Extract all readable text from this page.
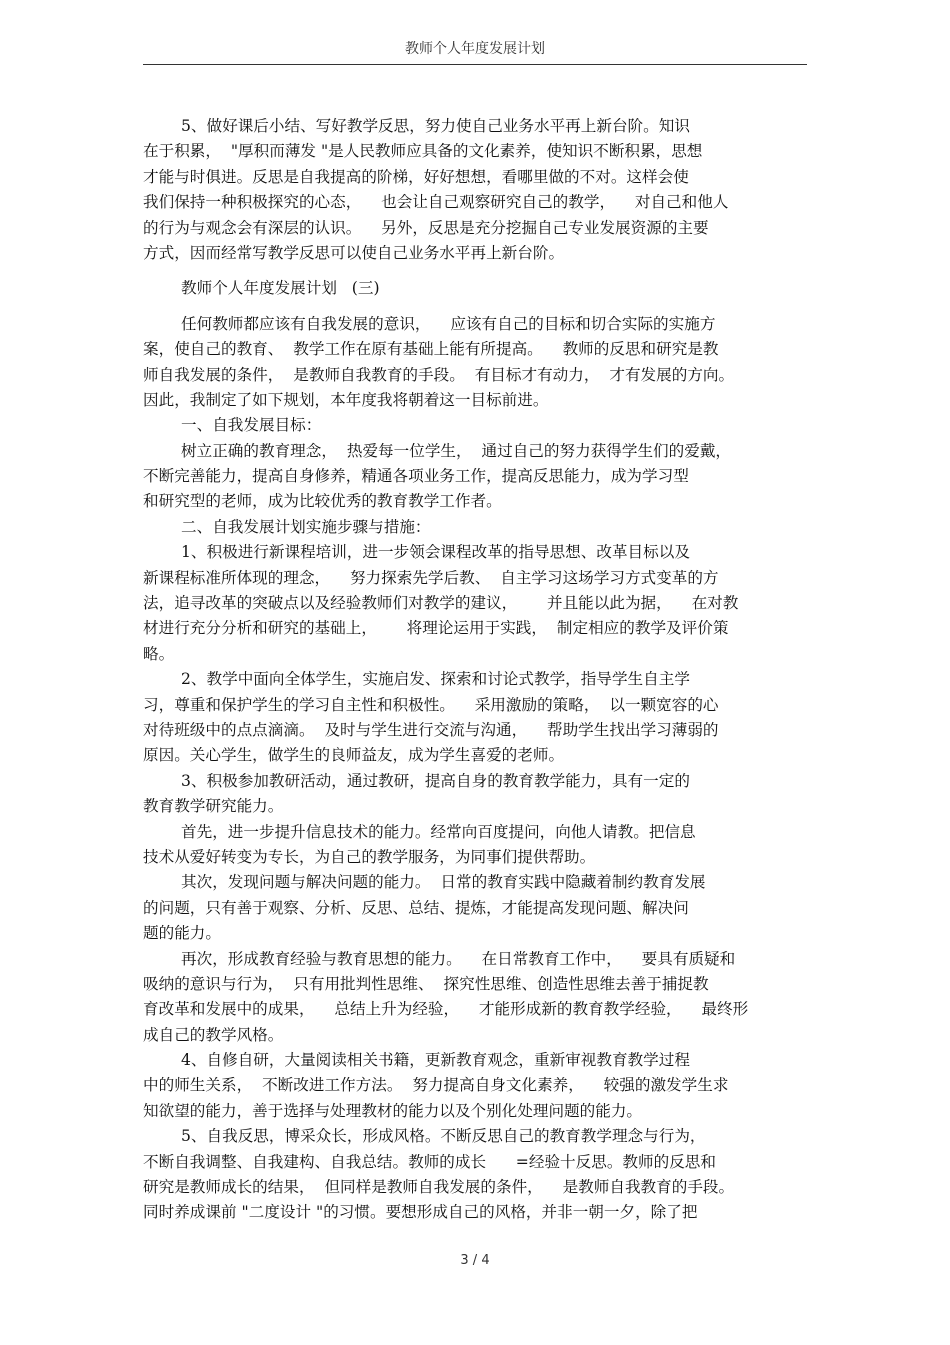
教师个人年度发展计划
5、做好课后小结、写好教学反思，努力使自己业务水平再上新台阶。知识
在于积累，  "厚积而薄发 "是人民教师应具备的文化素养，使知识不断积累，思想
才能与时俱进。反思是自我提高的阶梯，好好想想，看哪里做的不对。这样会使
我们保持一种积极探究的心态，    也会让自己观察研究自己的教学，    对自己和他人
的行为与观念会有深层的认识。    另外，反思是充分挖掘自己专业发展资源的主要
方式，因而经常写教学反思可以使自己业务水平再上新台阶。
教师个人年度发展计划   (三)
任何教师都应该有自我发展的意识，    应该有自己的目标和切合实际的实施方
案，使自己的教育、  教学工作在原有基础上能有所提高。    教师的反思和研究是教
师自我发展的条件，  是教师自我教育的手段。  有目标才有动力，  才有发展的方向。
因此，我制定了如下规划，本年度我将朝着这一目标前进。
一、自我发展目标：
树立正确的教育理念，  热爱每一位学生，  通过自己的努力获得学生们的爱戴，
不断完善能力，提高自身修养，精通各项业务工作，提高反思能力，成为学习型
和研究型的老师，成为比较优秀的教育教学工作者。
二、自我发展计划实施步骤与措施：
1、积极进行新课程培训，进一步领会课程改革的指导思想、改革目标以及
新课程标准所体现的理念，    努力探索先学后教、  自主学习这场学习方式变革的方
法，追寻改革的突破点以及经验教师们对教学的建议，      并且能以此为据，    在对教
材进行充分分析和研究的基础上，      将理论运用于实践，  制定相应的教学及评价策
略。
2、教学中面向全体学生，实施启发、探索和讨论式教学，指导学生自主学
习，尊重和保护学生的学习自主性和积极性。    采用激励的策略，  以一颗宽容的心
对待班级中的点点滴滴。  及时与学生进行交流与沟通，    帮助学生找出学习薄弱的
原因。关心学生，做学生的良师益友，成为学生喜爱的老师。
3、积极参加教研活动，通过教研，提高自身的教育教学能力，具有一定的
教育教学研究能力。
首先，进一步提升信息技术的能力。经常向百度提问，向他人请教。把信息
技术从爱好转变为专长，为自己的教学服务，为同事们提供帮助。
其次，发现问题与解决问题的能力。  日常的教育实践中隐藏着制约教育发展
的问题，只有善于观察、分析、反思、总结、提炼，才能提高发现问题、解决问
题的能力。
再次，形成教育经验与教育思想的能力。    在日常教育工作中，    要具有质疑和
吸纳的意识与行为，  只有用批判性思维、  探究性思维、创造性思维去善于捕捉教
育改革和发展中的成果，    总结上升为经验，    才能形成新的教育教学经验，    最终形
成自己的教学风格。
4、自修自研，大量阅读相关书籍，更新教育观念，重新审视教育教学过程
中的师生关系，  不断改进工作方法。  努力提高自身文化素养，    较强的激发学生求
知欲望的能力，善于选择与处理教材的能力以及个别化处理问题的能力。
5、自我反思，博采众长，形成风格。不断反思自己的教育教学理念与行为，
不断自我调整、自我建构、自我总结。教师的成长      =经验十反思。教师的反思和
研究是教师成长的结果，  但同样是教师自我发展的条件，    是教师自我教育的手段。
同时养成课前 "二度设计 "的习惯。要想形成自己的风格，并非一朝一夕，除了把
3 / 4
